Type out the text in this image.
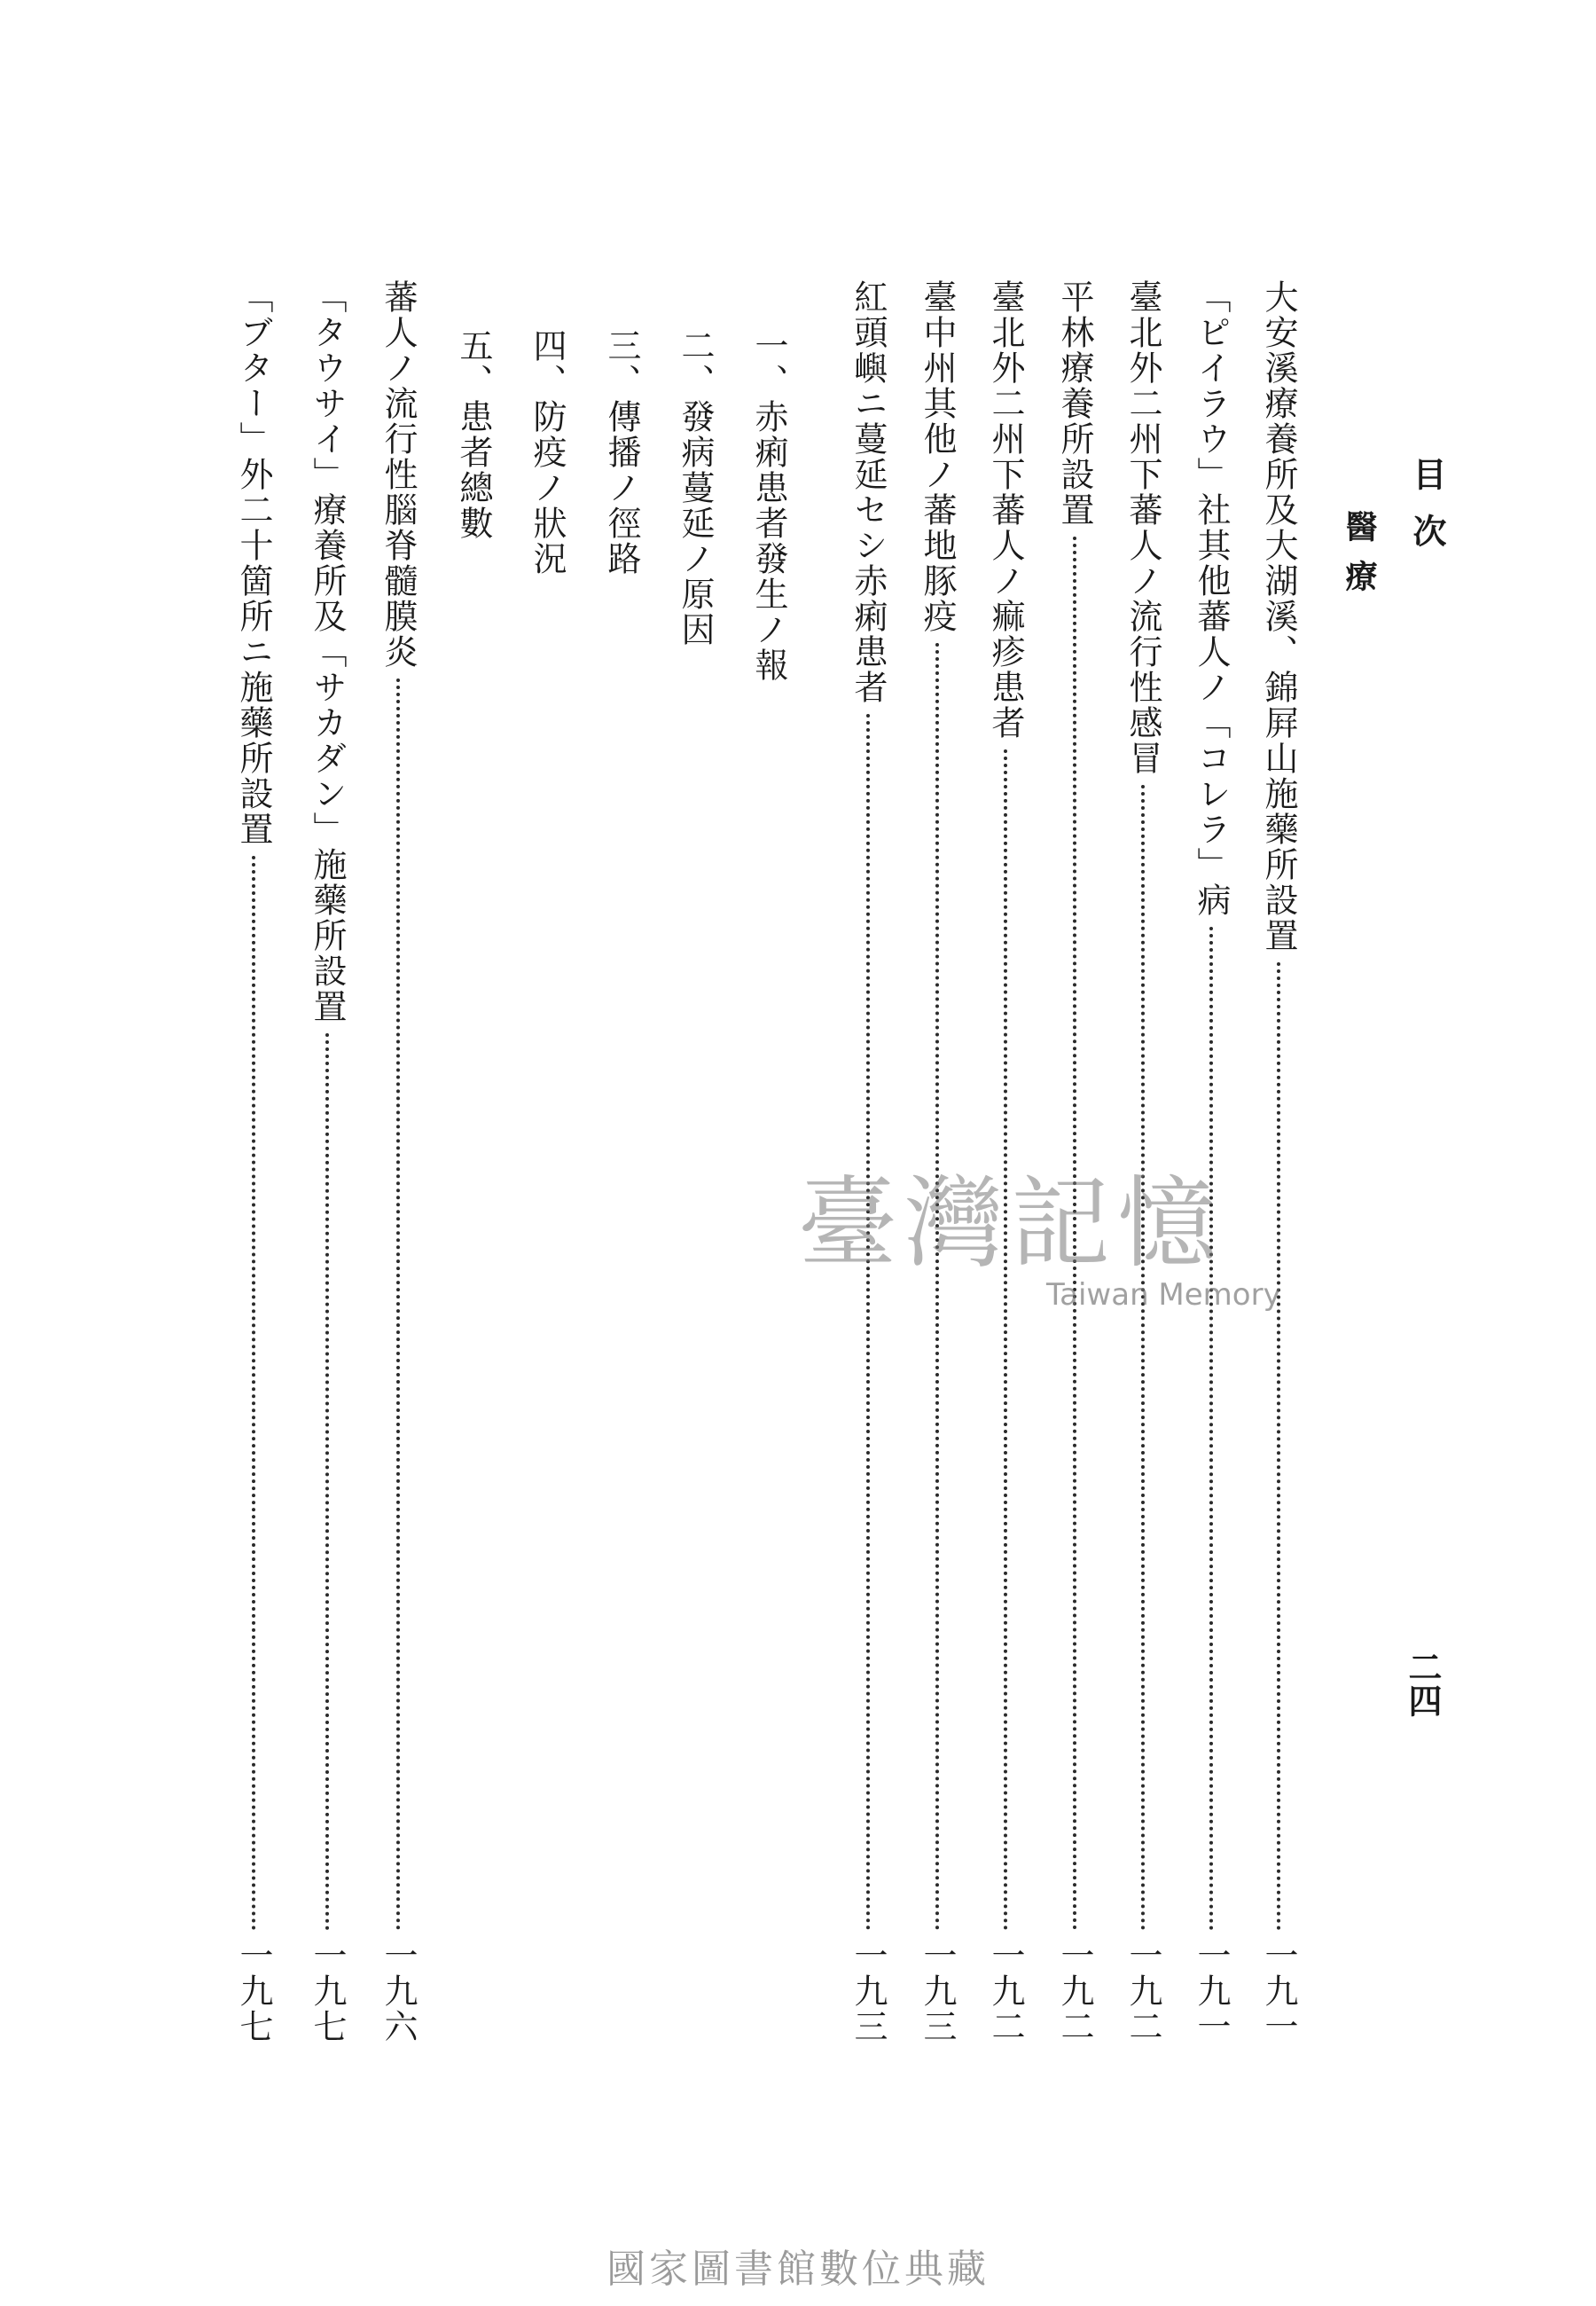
目次
醫療
二四
大安溪療養所及大湖溪、錦屛山施藥所設置
一九一
「ピイラウ」社其他蕃人ノ「コレラ」病
一九一
臺北外二州下蕃人ノ流行性感冒
一九二
平林療養所設置
一九二
臺北外二州下蕃人ノ痲疹患者
一九二
臺中州其他ノ蕃地豚疫
一九三
紅頭嶼ニ蔓延セシ赤痢患者
一九三
一、赤痢患者發生ノ報
二、發病蔓延ノ原因
三、傳播ノ徑路
四、防疫ノ狀況
五、患者總數
蕃人ノ流行性腦脊髓膜炎
一九六
「タウサイ」療養所及「サカダン」施藥所設置
一九七
「ブター」外二十箇所ニ施藥所設置
一九七
臺灣記憶
Taiwan Memory
國家圖書館數位典藏
